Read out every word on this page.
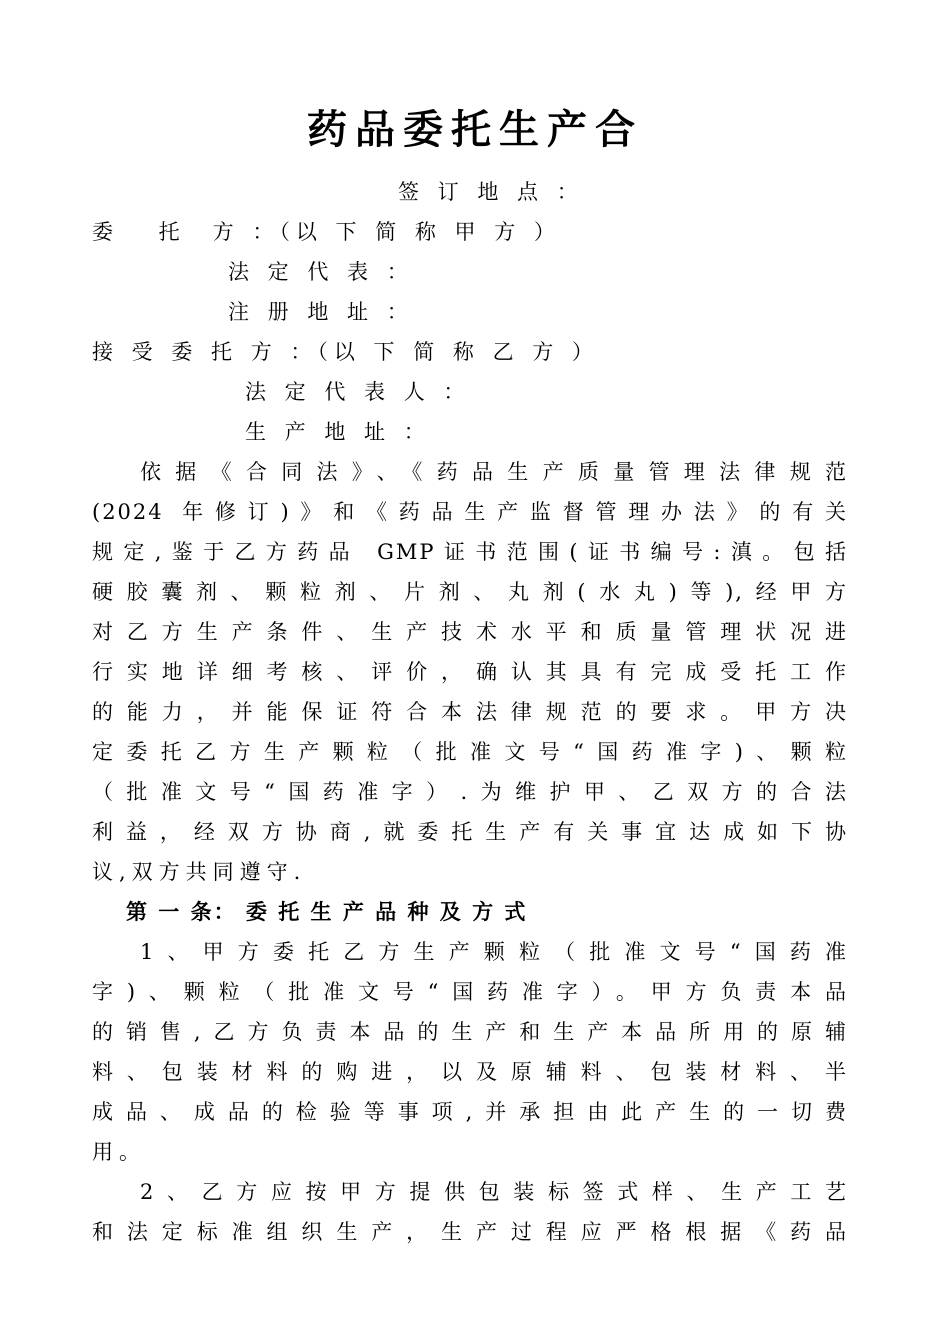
药品委托生产合
签 订 地 点 ：
委　 托　方 ：（以 下 简 称 甲 方 ）
法 定 代 表 ：
注 册 地 址 ：
接 受 委 托 方 ：（以 下 简 称 乙 方 ）
法 定 代 表 人 ：
生 产 地 址 ：
依据《合同法》、《药品生产质量管理法律规范
(2024 年修订)》和《药品生产监督管理办法》的有关
规定,鉴于乙方药品 GMP证书范围(证书编号:滇。包括
硬胶囊剂、颗粒剂、片剂、丸剂(水丸)等),经甲方
对乙方生产条件、生产技术水平和质量管理状况进
行实地详细考核、评价，确认其具有完成受托工作
的能力，并能保证符合本法律规范的要求。甲方决
定委托乙方生产颗粒（批准文号“国药准字)、颗粒
（批准文号“国药准字）.为维护甲、乙双方的合法
利益，经双方协商,就委托生产有关事宜达成如下协
议,双方共同遵守.
第 一 条： 委 托 生 产 品 种 及 方 式
1、甲方委托乙方生产颗粒（批准文号“国药准
字)、颗粒（批准文号“国药准字）。甲方负责本品
的销售,乙方负责本品的生产和生产本品所用的原辅
料、包装材料的购进，以及原辅料、包装材料、半
成品、成品的检验等事项,并承担由此产生的一切费
用。
2、乙方应按甲方提供包装标签式样、生产工艺
和法定标准组织生产，生产过程应严格根据《药品
